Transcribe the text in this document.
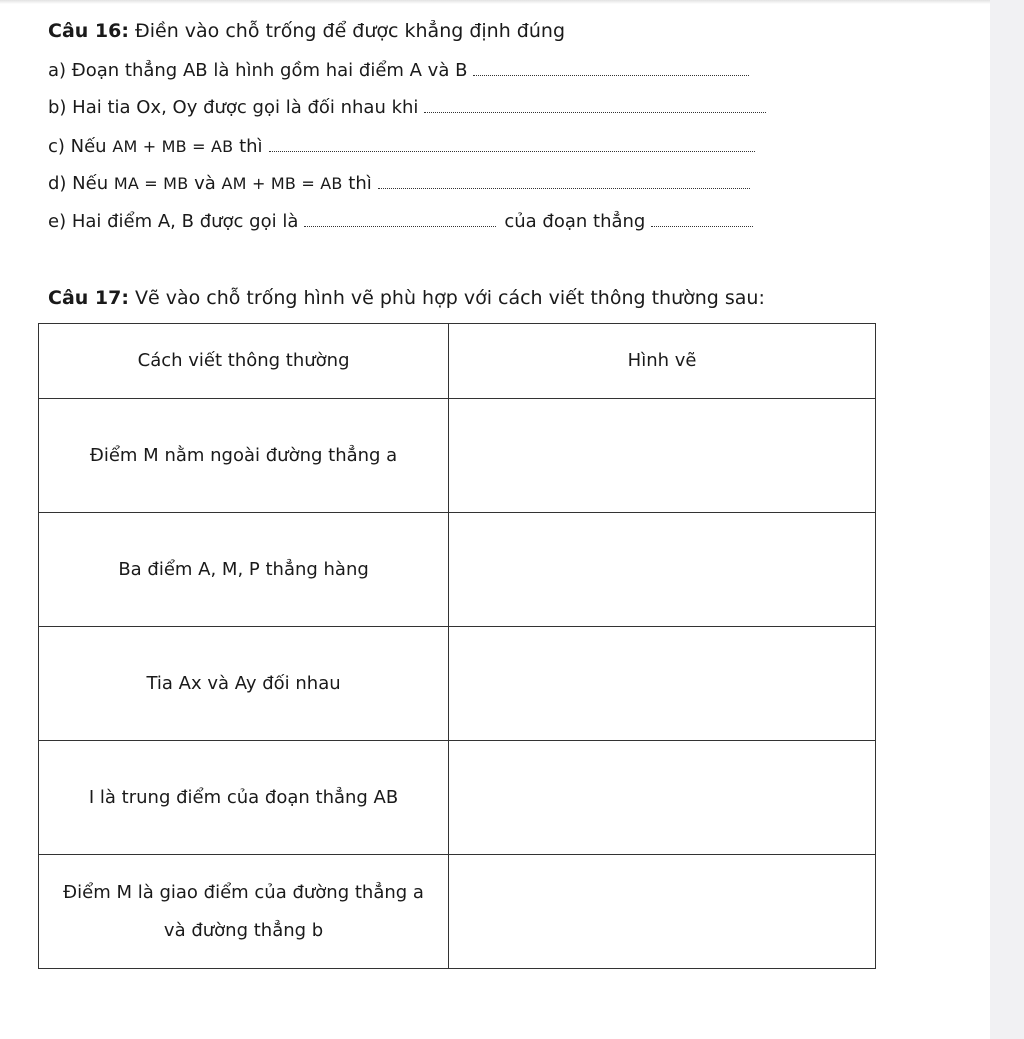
Câu 16: Điền vào chỗ trống để được khẳng định đúng
a) Đoạn thẳng AB là hình gồm hai điểm A và B
b) Hai tia Ox, Oy được gọi là đối nhau khi
c) Nếu
AM + MB = AB
thì
d) Nếu
MA = MB
và
AM + MB = AB
thì
e) Hai điểm A, B được gọi là	của đoạn thẳng
Câu 17: Vẽ vào chỗ trống hình vẽ phù hợp với cách viết thông thường sau:
Cách viết thông thường	Hình vẽ
Điểm M nằm ngoài đường thẳng a	
Ba điểm A, M, P thẳng hàng	
Tia Ax và Ay đối nhau	
I là trung điểm của đoạn thẳng AB	

Điểm M là giao điểm của đường thẳng a
và đường thẳng b	
